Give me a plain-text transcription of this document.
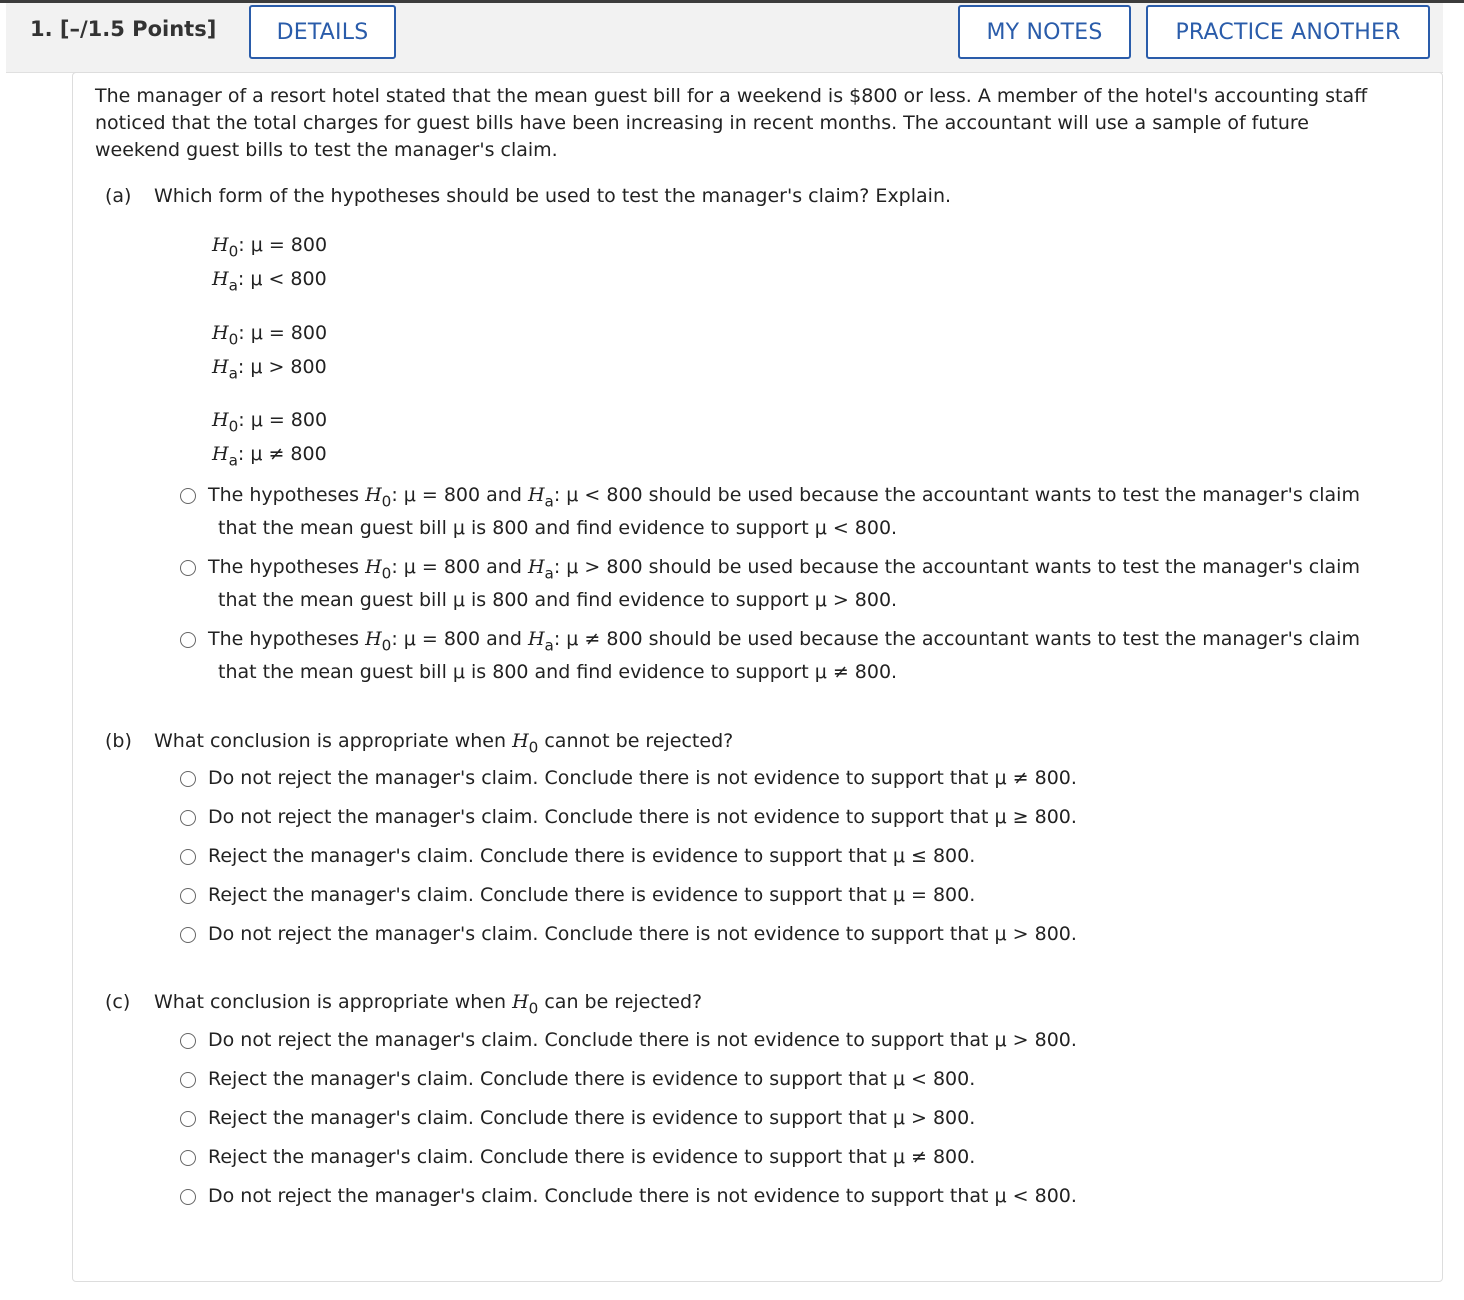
1. [–/1.5 Points]	DETAILS	MY NOTES	PRACTICE ANOTHER
The manager of a resort hotel stated that the mean guest bill for a weekend is $800 or less. A member of the hotel's accounting staff
noticed that the total charges for guest bills have been increasing in recent months. The accountant will use a sample of future
weekend guest bills to test the manager's claim.
(a) Which form of the hypotheses should be used to test the manager's claim? Explain.
$H_0$: μ = 800
$H_a$: μ < 800
$H_0$: μ = 800
$H_a$: μ > 800
$H_0$: μ = 800
$H_a$: μ ≠ 800
The hypotheses $H_0$: μ = 800 and $H_a$: μ < 800 should be used because the accountant wants to test the manager's claim
that the mean guest bill μ is 800 and find evidence to support μ < 800.
The hypotheses $H_0$: μ = 800 and $H_a$: μ > 800 should be used because the accountant wants to test the manager's claim
that the mean guest bill μ is 800 and find evidence to support μ > 800.
The hypotheses $H_0$: μ = 800 and $H_a$: μ ≠ 800 should be used because the accountant wants to test the manager's claim
that the mean guest bill μ is 800 and find evidence to support μ ≠ 800.
(b) What conclusion is appropriate when $H_0$ cannot be rejected?
Do not reject the manager's claim. Conclude there is not evidence to support that μ ≠ 800.
Do not reject the manager's claim. Conclude there is not evidence to support that μ ≥ 800.
Reject the manager's claim. Conclude there is evidence to support that μ ≤ 800.
Reject the manager's claim. Conclude there is evidence to support that μ = 800.
Do not reject the manager's claim. Conclude there is not evidence to support that μ > 800.
(c) What conclusion is appropriate when $H_0$ can be rejected?
Do not reject the manager's claim. Conclude there is not evidence to support that μ > 800.
Reject the manager's claim. Conclude there is evidence to support that μ < 800.
Reject the manager's claim. Conclude there is evidence to support that μ > 800.
Reject the manager's claim. Conclude there is evidence to support that μ ≠ 800.
Do not reject the manager's claim. Conclude there is not evidence to support that μ < 800.
